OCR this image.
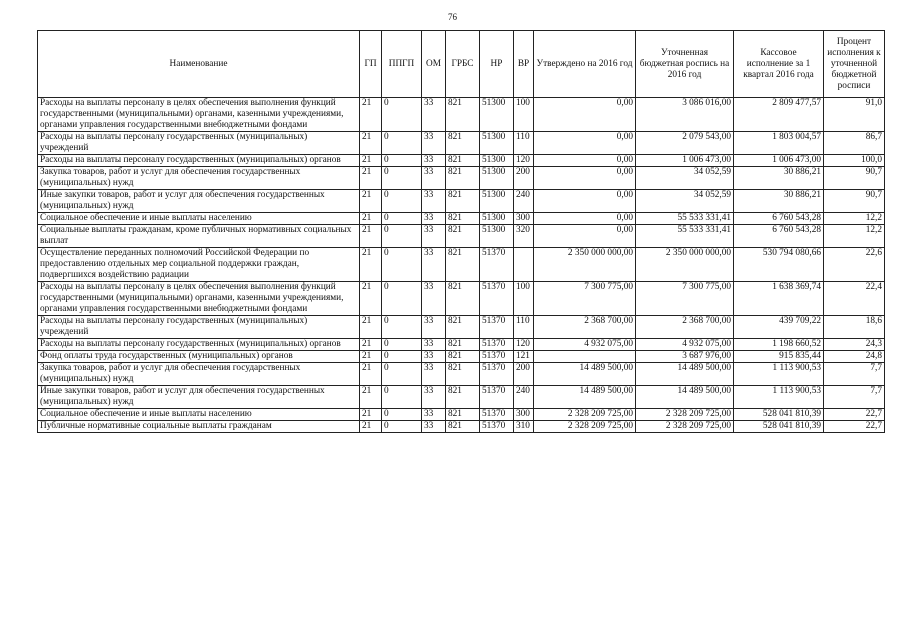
76
Наименование	ГП	ППГП	ОМ	ГРБС	НР	ВР	Утверждено на 2016 год	Уточненная бюджетная роспись на 2016 год	Кассовое исполнение за 1 квартал 2016 года	Процент исполнения к уточненной бюджетной росписи
Расходы на выплаты персоналу в целях обеспечения выполнения функций государственными (муниципальными) органами, казенными учреждениями, органами управления государственными внебюджетными фондами	21	0	33	821	51300	100	0,00	3 086 016,00	2 809 477,57	91,0
Расходы на выплаты персоналу государственных (муниципальных) учреждений	21	0	33	821	51300	110	0,00	2 079 543,00	1 803 004,57	86,7
Расходы на выплаты персоналу государственных (муниципальных) органов	21	0	33	821	51300	120	0,00	1 006 473,00	1 006 473,00	100,0
Закупка товаров, работ и услуг для обеспечения государственных (муниципальных) нужд	21	0	33	821	51300	200	0,00	34 052,59	30 886,21	90,7
Иные закупки товаров, работ и услуг для обеспечения государственных (муниципальных) нужд	21	0	33	821	51300	240	0,00	34 052,59	30 886,21	90,7
Социальное обеспечение и иные выплаты населению	21	0	33	821	51300	300	0,00	55 533 331,41	6 760 543,28	12,2
Социальные выплаты гражданам, кроме публичных нормативных социальных выплат	21	0	33	821	51300	320	0,00	55 533 331,41	6 760 543,28	12,2
Осуществление переданных полномочий Российской Федерации по предоставлению отдельных мер социальной поддержки граждан, подвергшихся воздействию радиации	21	0	33	821	51370		2 350 000 000,00	2 350 000 000,00	530 794 080,66	22,6
Расходы на выплаты персоналу в целях обеспечения выполнения функций государственными (муниципальными) органами, казенными учреждениями, органами управления государственными внебюджетными фондами	21	0	33	821	51370	100	7 300 775,00	7 300 775,00	1 638 369,74	22,4
Расходы на выплаты персоналу государственных (муниципальных) учреждений	21	0	33	821	51370	110	2 368 700,00	2 368 700,00	439 709,22	18,6
Расходы на выплаты персоналу государственных (муниципальных) органов	21	0	33	821	51370	120	4 932 075,00	4 932 075,00	1 198 660,52	24,3
Фонд оплаты труда государственных (муниципальных) органов	21	0	33	821	51370	121		3 687 976,00	915 835,44	24,8
Закупка товаров, работ и услуг для обеспечения государственных (муниципальных) нужд	21	0	33	821	51370	200	14 489 500,00	14 489 500,00	1 113 900,53	7,7
Иные закупки товаров, работ и услуг для обеспечения государственных (муниципальных) нужд	21	0	33	821	51370	240	14 489 500,00	14 489 500,00	1 113 900,53	7,7
Социальное обеспечение и иные выплаты населению	21	0	33	821	51370	300	2 328 209 725,00	2 328 209 725,00	528 041 810,39	22,7
Публичные нормативные социальные выплаты гражданам	21	0	33	821	51370	310	2 328 209 725,00	2 328 209 725,00	528 041 810,39	22,7
